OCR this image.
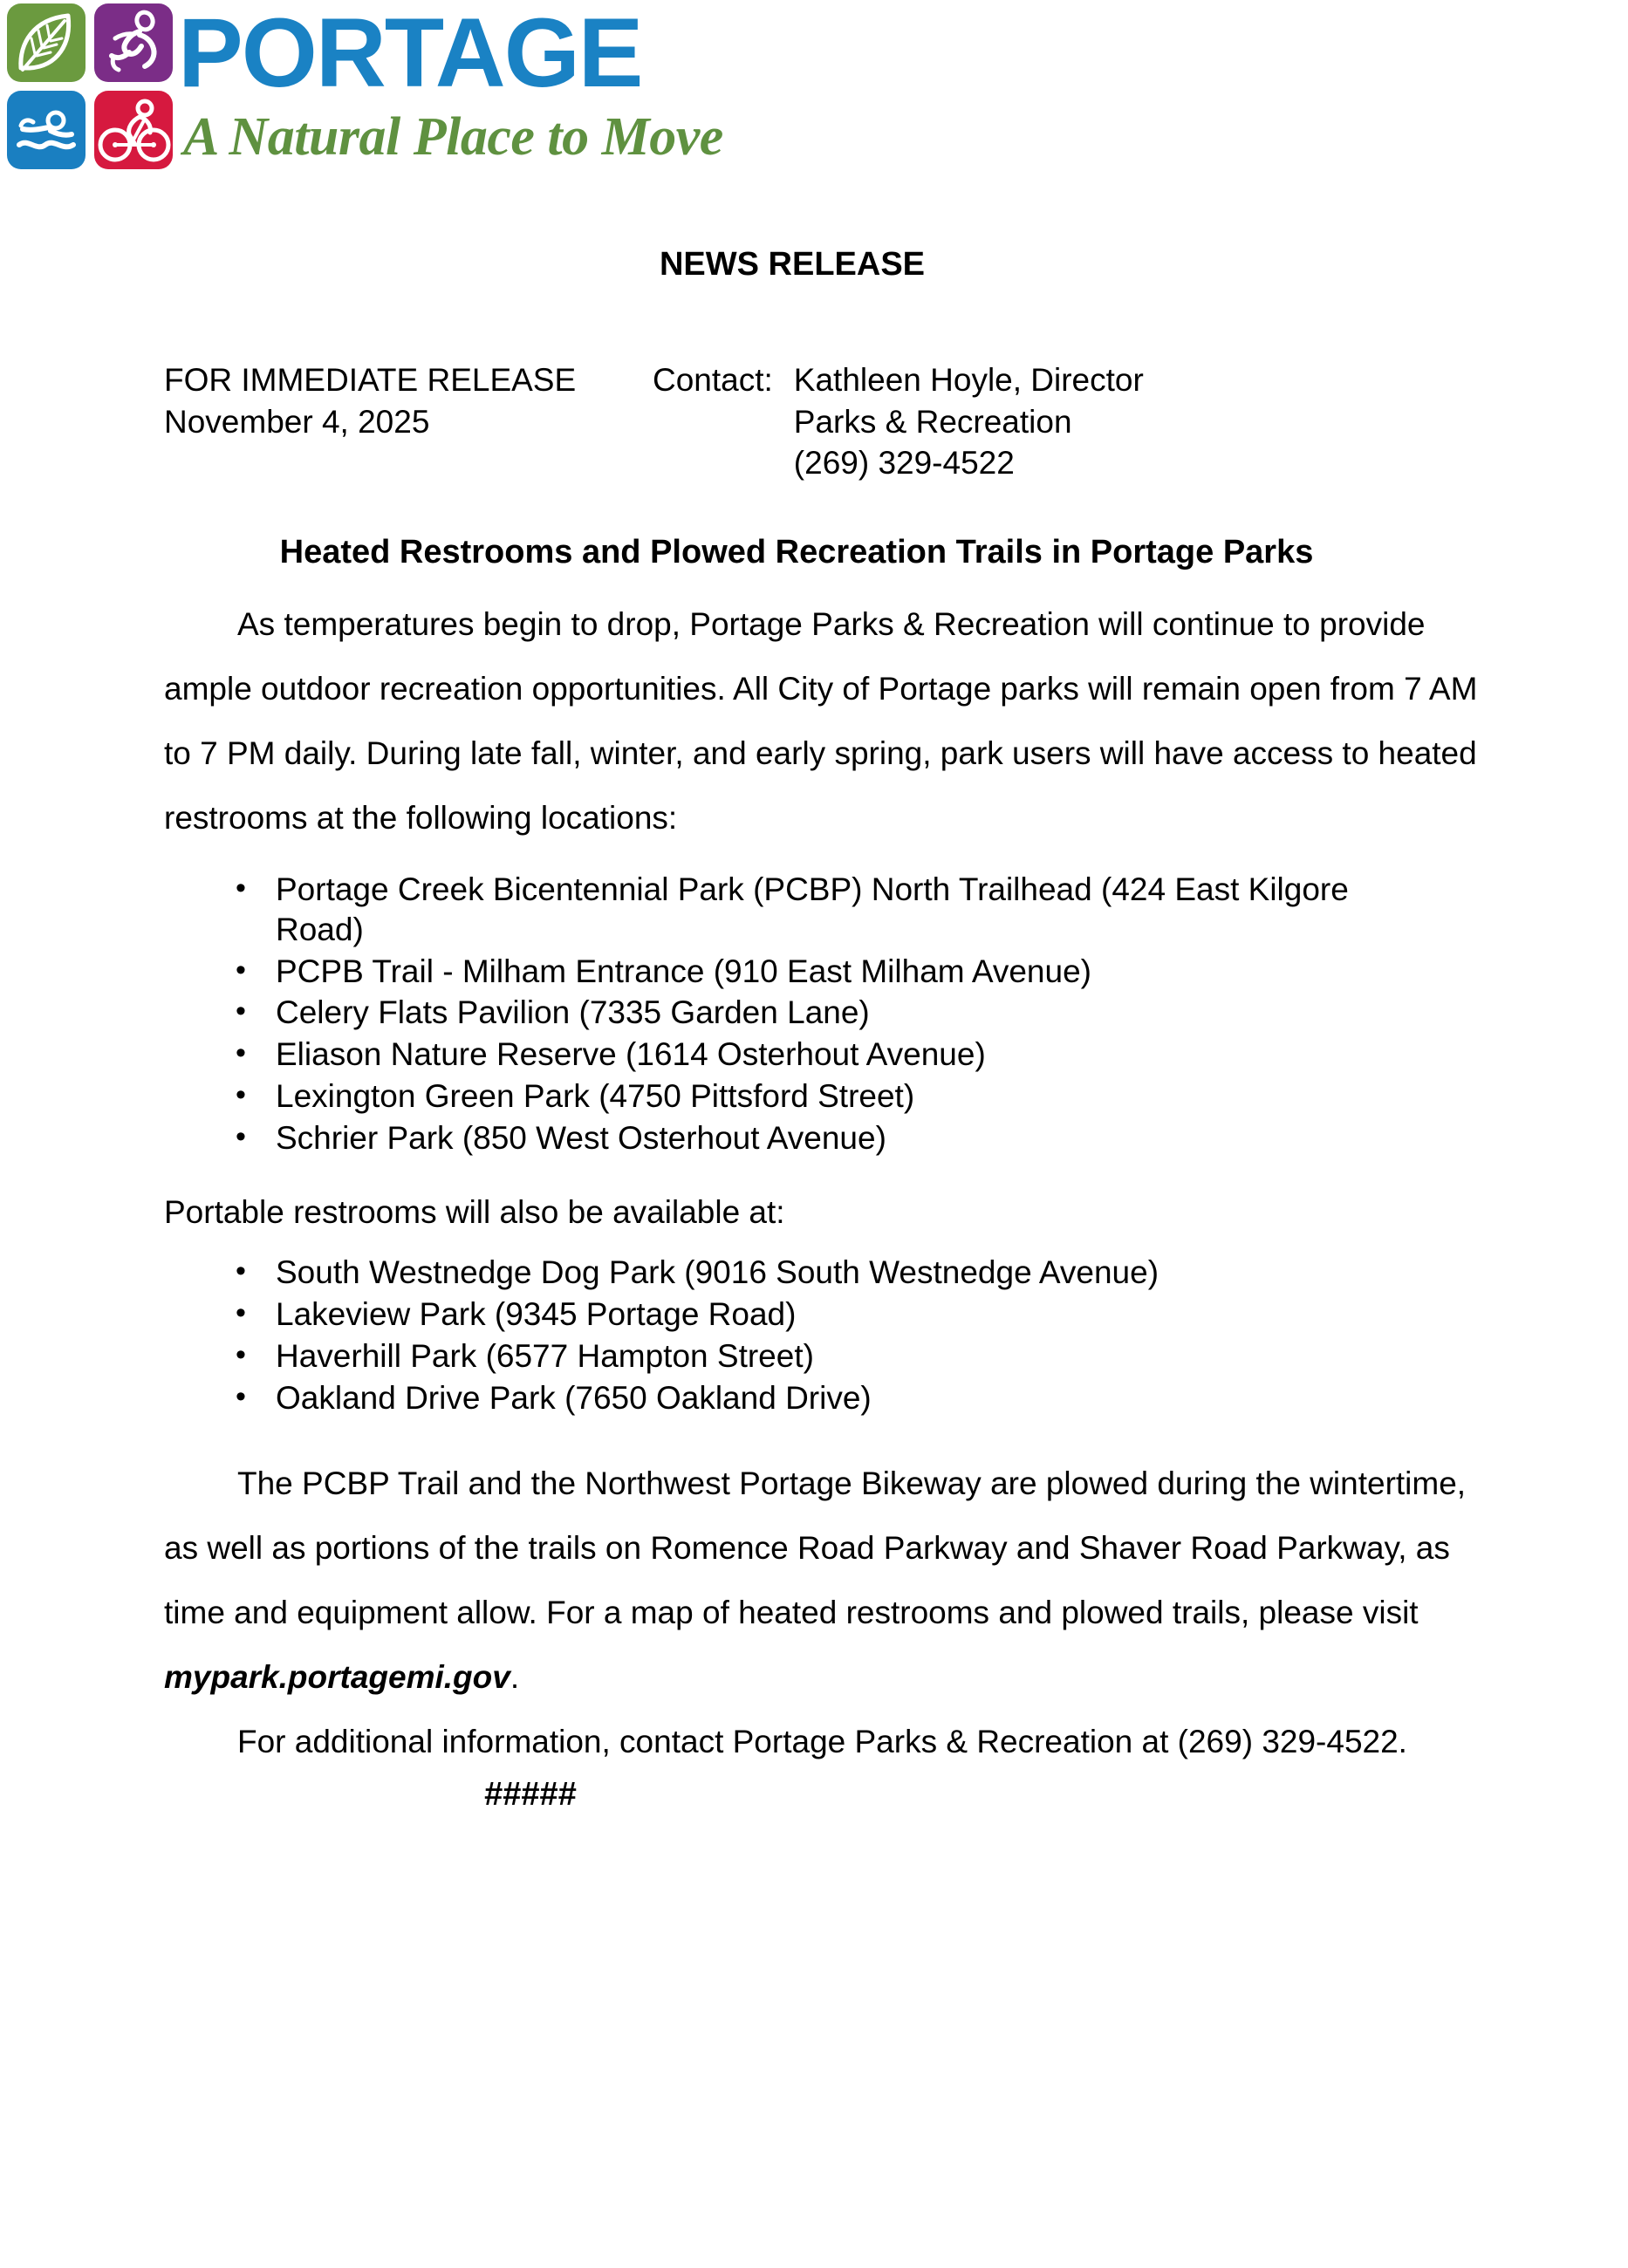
PORTAGE
A Natural Place to Move
NEWS RELEASE
FOR IMMEDIATE RELEASE
November 4, 2025
Contact: Kathleen Hoyle, Director
Parks & Recreation
(269) 329-4522
Heated Restrooms and Plowed Recreation Trails in Portage Parks
As temperatures begin to drop, Portage Parks & Recreation will continue to provide ample outdoor recreation opportunities. All City of Portage parks will remain open from 7 AM to 7 PM daily. During late fall, winter, and early spring, park users will have access to heated restrooms at the following locations:
• Portage Creek Bicentennial Park (PCBP) North Trailhead (424 East Kilgore Road)
• PCPB Trail - Milham Entrance (910 East Milham Avenue)
• Celery Flats Pavilion (7335 Garden Lane)
• Eliason Nature Reserve (1614 Osterhout Avenue)
• Lexington Green Park (4750 Pittsford Street)
• Schrier Park (850 West Osterhout Avenue)
Portable restrooms will also be available at:
• South Westnedge Dog Park (9016 South Westnedge Avenue)
• Lakeview Park (9345 Portage Road)
• Haverhill Park (6577 Hampton Street)
• Oakland Drive Park (7650 Oakland Drive)
The PCBP Trail and the Northwest Portage Bikeway are plowed during the wintertime, as well as portions of the trails on Romence Road Parkway and Shaver Road Parkway, as time and equipment allow. For a map of heated restrooms and plowed trails, please visit mypark.portagemi.gov.
For additional information, contact Portage Parks & Recreation at (269) 329-4522.
#####
